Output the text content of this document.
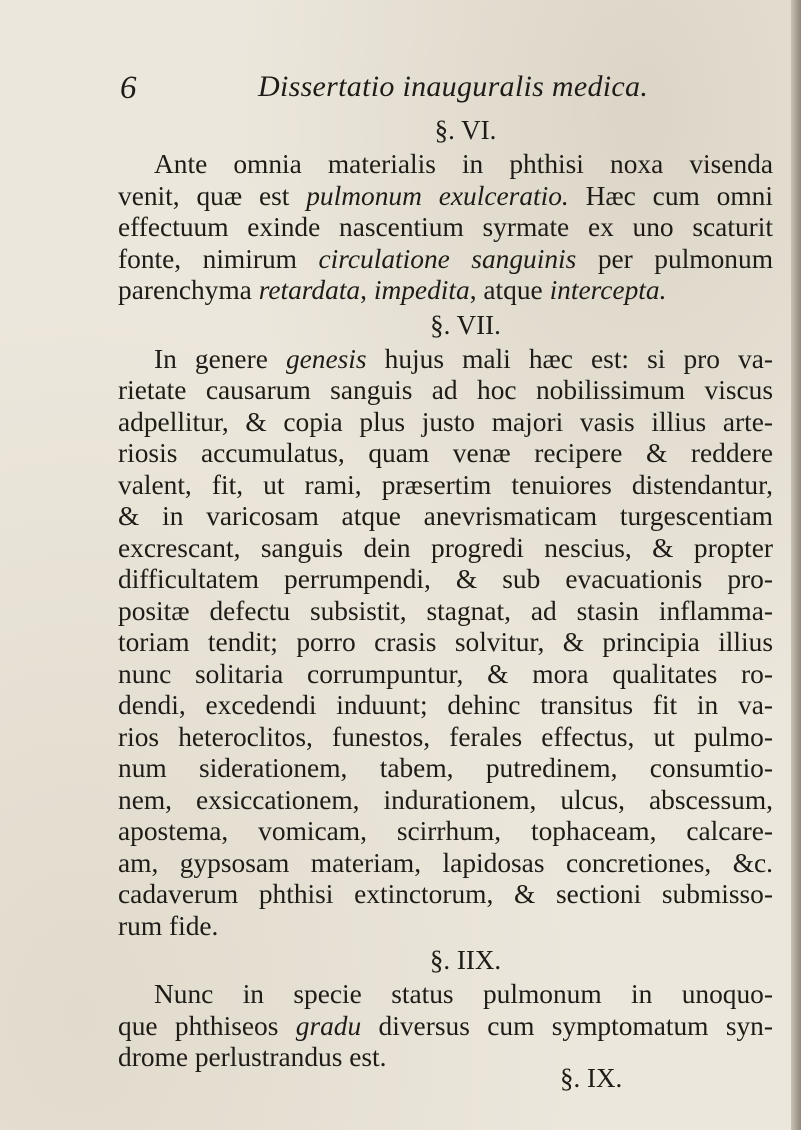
6	Dissertatio inauguralis medica.
§. VI.

Ante omnia materialis in phthisi noxa visenda
venit, quæ est pulmonum exulceratio. Hæc cum omni
effectuum exinde nascentium syrmate ex uno scaturit
fonte, nimirum circulatione sanguinis per pulmonum
parenchyma retardata, impedita, atque intercepta.

§. VII.

In genere genesis hujus mali hæc est: si pro va-
rietate causarum sanguis ad hoc nobilissimum viscus
adpellitur, & copia plus justo majori vasis illius arte-
riosis accumulatus, quam venæ recipere & reddere
valent, fit, ut rami, præsertim tenuiores distendantur,
& in varicosam atque anevrismaticam turgescentiam
excrescant, sanguis dein progredi nescius, & propter
difficultatem perrumpendi, & sub evacuationis pro-
positæ defectu subsistit, stagnat, ad stasin inflamma-
toriam tendit; porro crasis solvitur, & principia illius
nunc solitaria corrumpuntur, & mora qualitates ro-
dendi, excedendi induunt; dehinc transitus fit in va-
rios heteroclitos, funestos, ferales effectus, ut pulmo-
num siderationem, tabem, putredinem, consumtio-
nem, exsiccationem, indurationem, ulcus, abscessum,
apostema, vomicam, scirrhum, tophaceam, calcare-
am, gypsosam materiam, lapidosas concretiones, &c.
cadaverum phthisi extinctorum, & sectioni submisso-
rum fide.

§. IIX.

Nunc in specie status pulmonum in unoquo-
que phthiseos gradu diversus cum symptomatum syn-
drome perlustrandus est.

§. IX.
